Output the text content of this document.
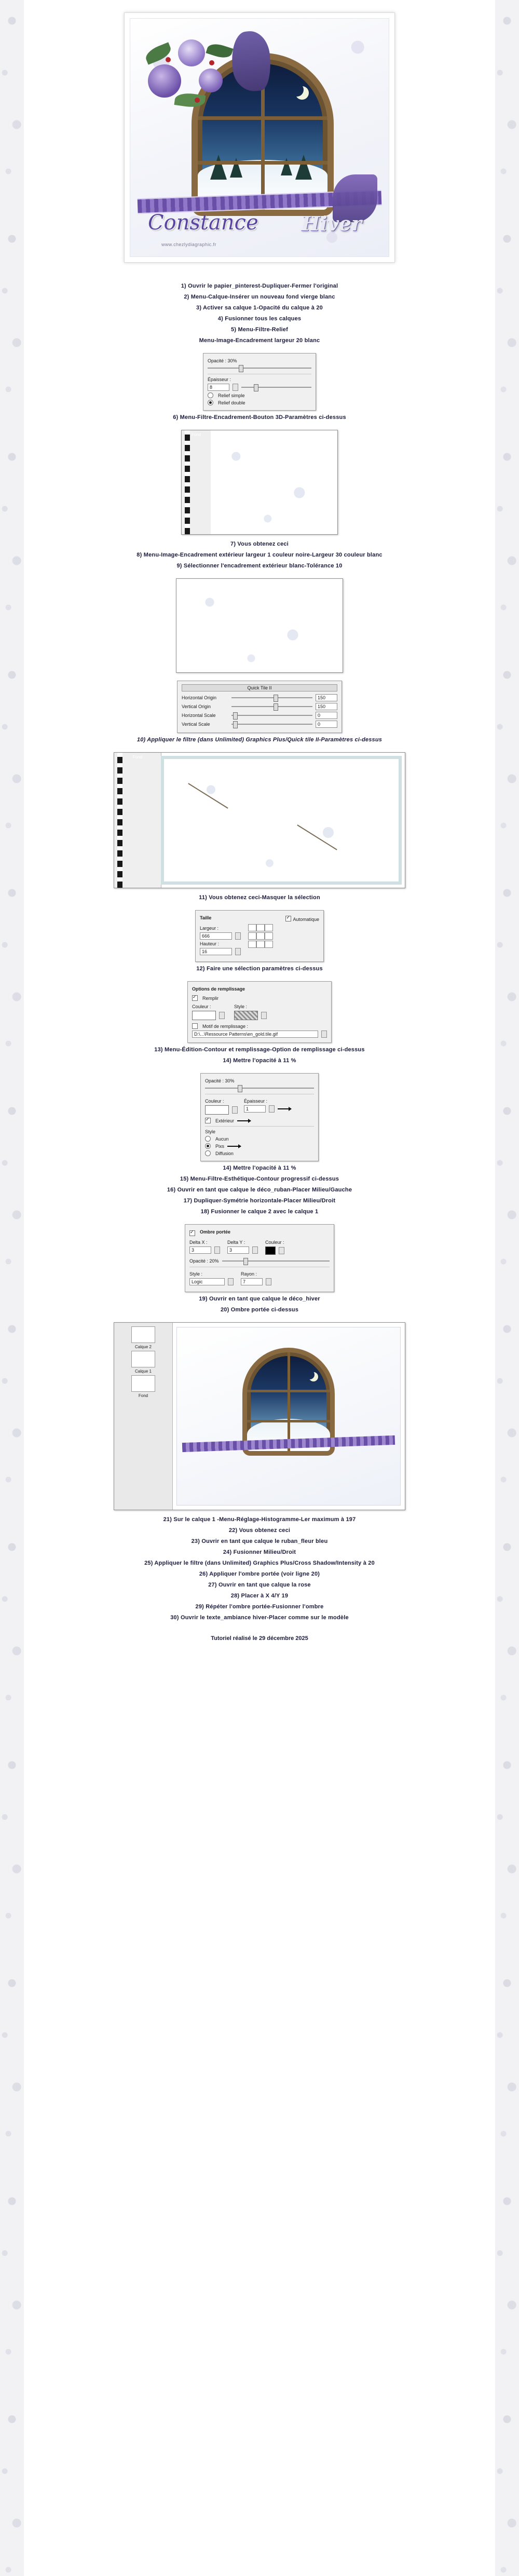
Constance Hiver
www.chezlydiagraphic.fr
1) Ouvrir le papier_pinterest-Dupliquer-Fermer l'original
2) Menu-Calque-Insérer un nouveau fond vierge blanc
3) Activer sa calque 1-Opacité du calque à 20
4) Fusionner tous les calques
5) Menu-Filtre-Relief
Menu-Image-Encadrement largeur 20 blanc
Opacité : 30%
Épaisseur :
8
Relief simple
Relief double
6) Menu-Filtre-Encadrement-Bouton 3D-Paramètres ci-dessus
Fond
7) Vous obtenez ceci
8) Menu-Image-Encadrement extérieur largeur 1 couleur noire-Largeur 30 couleur blanc
9) Sélectionner l'encadrement extérieur blanc-Tolérance 10
Quick Tile II
Horizontal Origin	150
Vertical Origin	150
Horizontal Scale	0
Vertical Scale	0
10) Appliquer le filtre (dans Unlimited) Graphics Plus/Quick tile II-Paramètres ci-dessus
Fond
11) Vous obtenez ceci-Masquer la sélection
Taille ✓	Automatique
Largeur :
666
Hauteur :
16
12) Faire une sélection paramètres ci-dessus
Options de remplissage
✓
Remplir
Couleur :	Style :
Motif de remplissage :
D:\...\Ressource Patterns\en_gold.tile.gif
13) Menu-Édition-Contour et remplissage-Option de remplissage ci-dessus
14) Mettre l'opacité à 11 %
Opacité : 30%
Couleur :	Épaisseur :
1
✓
Extérieur
Style
Aucun
Pixs
Diffusion
14) Mettre l'opacité à 11 %
15) Menu-Filtre-Esthétique-Contour progressif ci-dessus
16) Ouvrir en tant que calque le déco_ruban-Placer Milieu/Gauche
17) Dupliquer-Symétrie horizontale-Placer Milieu/Droit
18) Fusionner le calque 2 avec le calque 1
✓
Ombre portée
Delta X :
3
Delta Y :
3
Couleur :
Opacité : 20%
Style :
Logic
Rayon :
7
19) Ouvrir en tant que calque le déco_hiver
20) Ombre portée ci-dessus
Calque 2
Calque 1
Fond
21) Sur le calque 1 -Menu-Réglage-Histogramme-Ler maximum à 197
22) Vous obtenez ceci
23) Ouvrir en tant que calque le ruban_fleur bleu
24) Fusionner Milieu/Droit
25) Appliquer le filtre (dans Unlimited) Graphics Plus/Cross Shadow/Intensity à 20
26) Appliquer l'ombre portée (voir ligne 20)
27) Ouvrir en tant que calque la rose
28) Placer à X 4/Y 19
29) Répéter l'ombre portée-Fusionner l'ombre
30) Ouvrir le texte_ambiance hiver-Placer comme sur le modèle
Tutoriel réalisé le 29 décembre 2025
